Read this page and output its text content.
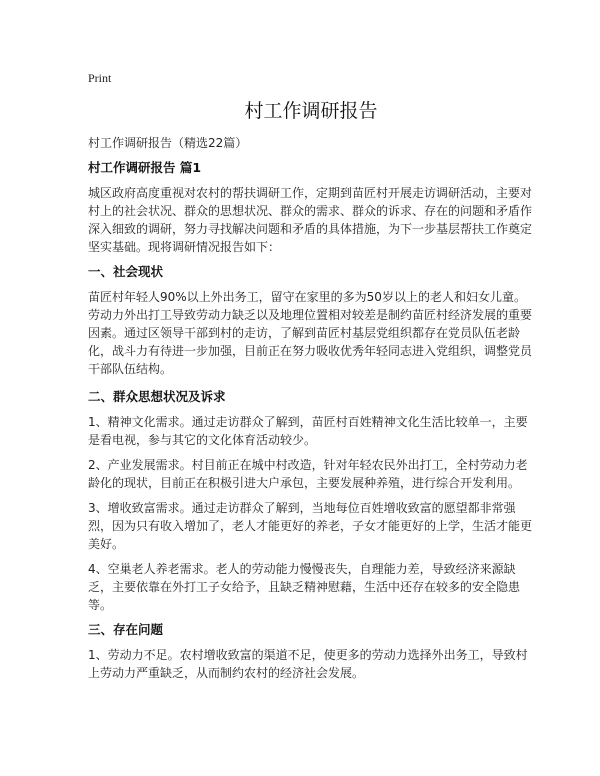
Print
村工作调研报告
村工作调研报告（精选22篇）
村工作调研报告 篇1

城区政府高度重视对农村的帮扶调研工作，定期到苗匠村开展走访调研活动，主要对村上的社会状况、群众的思想状况、群众的需求、群众的诉求、存在的问题和矛盾作深入细致的调研，努力寻找解决问题和矛盾的具体措施，为下一步基层帮扶工作奠定坚实基础。现将调研情况报告如下：

一、社会现状

苗匠村年轻人90%以上外出务工，留守在家里的多为50岁以上的老人和妇女儿童。劳动力外出打工导致劳动力缺乏以及地理位置相对较差是制约苗匠村经济发展的重要因素。通过区领导干部到村的走访，了解到苗匠村基层党组织都存在党员队伍老龄化，战斗力有待进一步加强，目前正在努力吸收优秀年轻同志进入党组织，调整党员干部队伍结构。

二、群众思想状况及诉求

1、精神文化需求。通过走访群众了解到，苗匠村百姓精神文化生活比较单一，主要是看电视，参与其它的文化体育活动较少。

2、产业发展需求。村目前正在城中村改造，针对年轻农民外出打工，全村劳动力老龄化的现状，目前正在积极引进大户承包，主要发展种养殖，进行综合开发利用。

3、增收致富需求。通过走访群众了解到，当地每位百姓增收致富的愿望都非常强烈，因为只有收入增加了，老人才能更好的养老，子女才能更好的上学，生活才能更美好。

4、空巢老人养老需求。老人的劳动能力慢慢丧失，自理能力差，导致经济来源缺乏，主要依靠在外打工子女给予，且缺乏精神慰藉，生活中还存在较多的安全隐患等。

三、存在问题

1、劳动力不足。农村增收致富的渠道不足，使更多的劳动力选择外出务工，导致村上劳动力严重缺乏，从而制约农村的经济社会发展。
